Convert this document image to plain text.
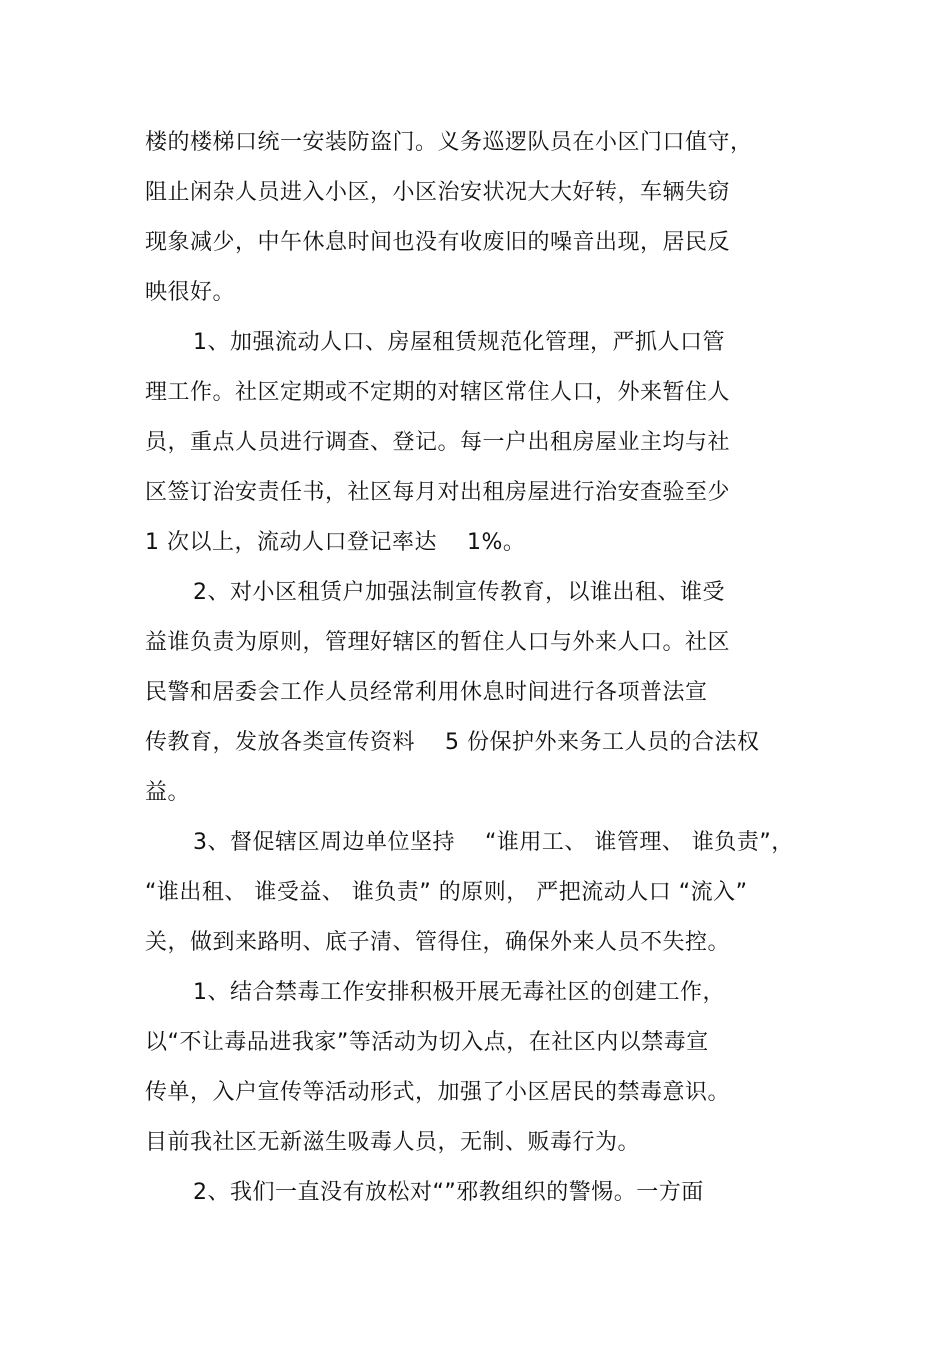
楼的楼梯口统一安装防盗门。义务巡逻队员在小区门口值守，
阻止闲杂人员进入小区，小区治安状况大大好转，车辆失窃
现象减少，中午休息时间也没有收废旧的噪音出现，居民反
映很好。
1、加强流动人口、房屋租赁规范化管理，严抓人口管
理工作。社区定期或不定期的对辖区常住人口，外来暂住人
员，重点人员进行调查、登记。每一户出租房屋业主均与社
区签订治安责任书，社区每月对出租房屋进行治安查验至少
1 次以上，流动人口登记率达 1%。
2、对小区租赁户加强法制宣传教育，以谁出租、谁受
益谁负责为原则，管理好辖区的暂住人口与外来人口。社区
民警和居委会工作人员经常利用休息时间进行各项普法宣
传教育，发放各类宣传资料 5 份保护外来务工人员的合法权
益。
3、督促辖区周边单位坚持 “谁用工、 谁管理、 谁负责”，
“谁出租、 谁受益、 谁负责” 的原则， 严把流动人口 “流入”
关，做到来路明、底子清、管得住，确保外来人员不失控。
1、结合禁毒工作安排积极开展无毒社区的创建工作，
以“不让毒品进我家”等活动为切入点，在社区内以禁毒宣
传单，入户宣传等活动形式，加强了小区居民的禁毒意识。
目前我社区无新滋生吸毒人员，无制、贩毒行为。
2、我们一直没有放松对“”邪教组织的警惕。一方面
